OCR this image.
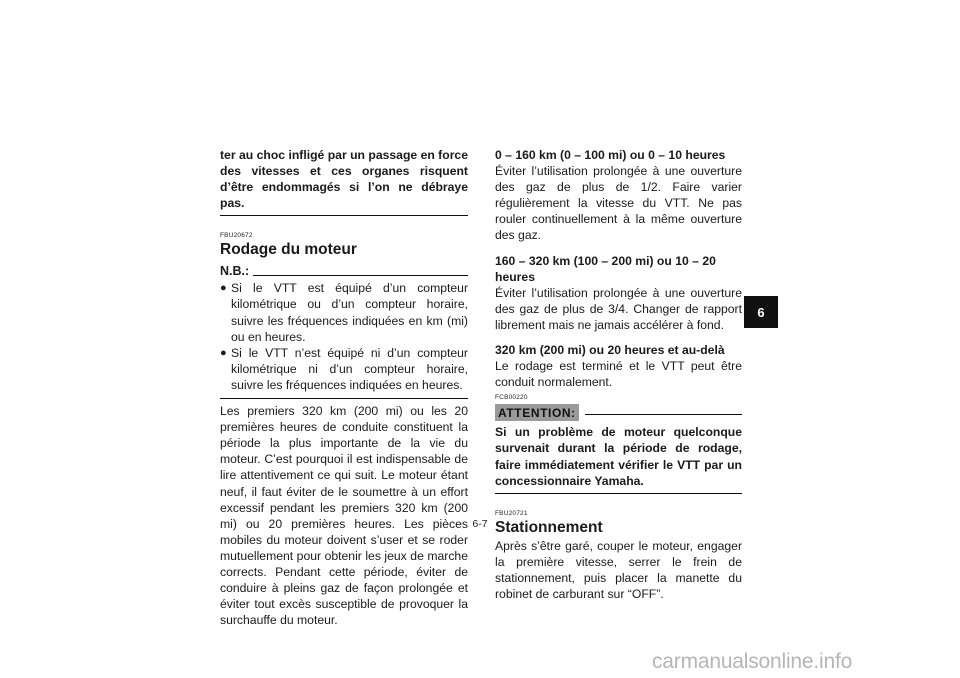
ter au choc infligé par un passage en force des vitesses et ces organes risquent d’être endommagés si l’on ne débraye pas.
FBU20672
Rodage du moteur
N.B.:
● Si le VTT est équipé d’un compteur kilométrique ou d’un compteur horaire, suivre les fréquences indiquées en km (mi) ou en heures.
● Si le VTT n’est équipé ni d’un compteur kilométrique ni d’un compteur horaire, suivre les fréquences indiquées en heures.
Les premiers 320 km (200 mi) ou les 20 premières heures de conduite constituent la période la plus importante de la vie du moteur. C’est pourquoi il est indispensable de lire attentivement ce qui suit. Le moteur étant neuf, il faut éviter de le soumettre à un effort excessif pendant les premiers 320 km (200 mi) ou 20 premières heures. Les pièces mobiles du moteur doivent s’user et se roder mutuellement pour obtenir les jeux de marche corrects. Pendant cette période, éviter de conduire à pleins gaz de façon prolongée et éviter tout excès susceptible de provoquer la surchauffe du moteur.
0 – 160 km (0 – 100 mi) ou 0 – 10 heures
Éviter l’utilisation prolongée à une ouverture des gaz de plus de 1/2. Faire varier régulièrement la vitesse du VTT. Ne pas rouler continuellement à la même ouverture des gaz.
160 – 320 km (100 – 200 mi) ou 10 – 20 heures
Éviter l’utilisation prolongée à une ouverture des gaz de plus de 3/4. Changer de rapport librement mais ne jamais accélérer à fond.
320 km (200 mi) ou 20 heures et au-delà
Le rodage est terminé et le VTT peut être conduit normalement.
FCB00220
ATTENTION:
Si un problème de moteur quelconque survenait durant la période de rodage, faire immédiatement vérifier le VTT par un concessionnaire Yamaha.
FBU20721
Stationnement
Après s’être garé, couper le moteur, engager la première vitesse, serrer le frein de stationnement, puis placer la manette du robinet de carburant sur “OFF”.
6
6-7
carmanualsonline.info
